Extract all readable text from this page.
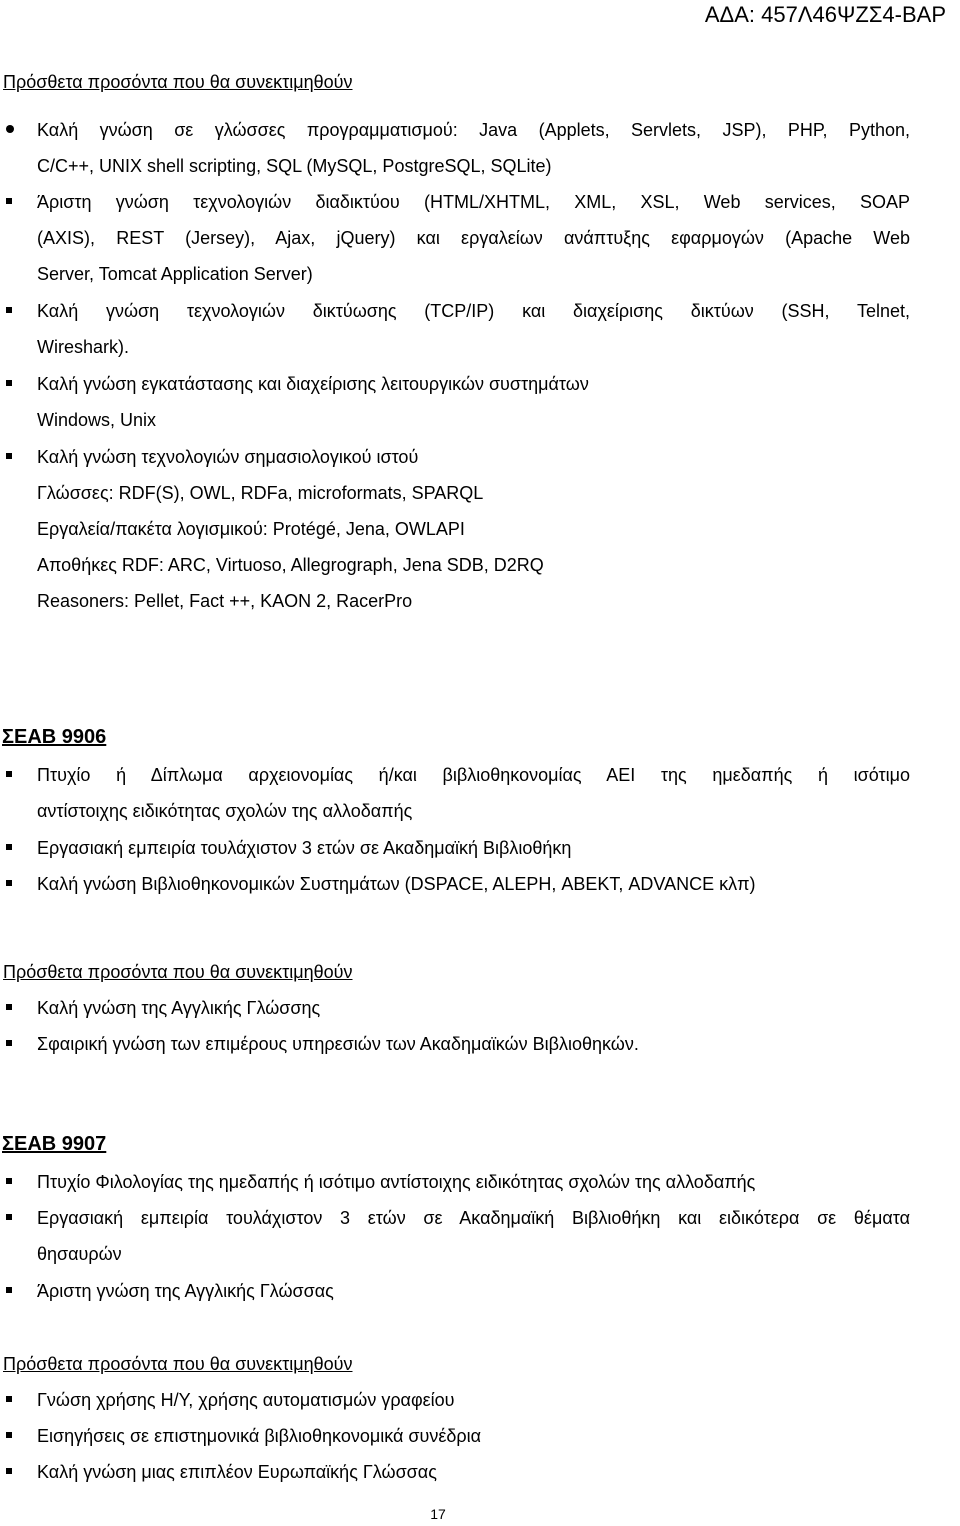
ΑΔΑ: 457Λ46ΨΖΣ4-ΒΑΡ
Πρόσθετα προσόντα που θα συνεκτιμηθούν
Καλή γνώση σε γλώσσες προγραμματισμού: Java (Applets, Servlets, JSP), PHP, Python,
C/C++, UNIX shell scripting, SQL (MySQL, PostgreSQL, SQLite)
Άριστη γνώση τεχνολογιών διαδικτύου (HTML/XHTML, XML, XSL, Web services, SOAP
(AXIS), REST (Jersey), Ajax, jQuery) και εργαλείων ανάπτυξης εφαρμογών (Apache Web
Server, Tomcat Application Server)
Καλή γνώση τεχνολογιών δικτύωσης (TCP/IP) και διαχείρισης δικτύων (SSH, Telnet,
Wireshark).
Καλή γνώση εγκατάστασης και διαχείρισης λειτουργικών συστημάτων
Windows, Unix
Καλή γνώση τεχνολογιών σημασιολογικού ιστού
Γλώσσες: RDF(S), OWL, RDFa, microformats, SPARQL
Εργαλεία/πακέτα λογισμικού: Protégé, Jena, OWLAPI
Αποθήκες RDF: ARC, Virtuoso, Allegrograph, Jena SDB, D2RQ
Reasoners: Pellet, Fact ++, KAON 2, RacerPro
ΣΕΑΒ 9906
Πτυχίο ή Δίπλωμα αρχειονομίας ή/και βιβλιοθηκονομίας ΑΕΙ της ημεδαπής ή ισότιμο
αντίστοιχης ειδικότητας σχολών της αλλοδαπής
Εργασιακή εμπειρία τουλάχιστον 3 ετών σε Ακαδημαϊκή Βιβλιοθήκη
Καλή γνώση Βιβλιοθηκονομικών Συστημάτων (DSPACE, ALEPH, ΑΒΕΚΤ, ADVANCE κλπ)
Πρόσθετα προσόντα που θα συνεκτιμηθούν
Καλή γνώση της Αγγλικής Γλώσσης
Σφαιρική γνώση των επιμέρους υπηρεσιών των Ακαδημαϊκών Βιβλιοθηκών.
ΣΕΑΒ 9907
Πτυχίο Φιλολογίας της ημεδαπής ή ισότιμο αντίστοιχης ειδικότητας σχολών της αλλοδαπής
Εργασιακή εμπειρία τουλάχιστον 3 ετών σε Ακαδημαϊκή Βιβλιοθήκη και ειδικότερα σε θέματα
θησαυρών
Άριστη γνώση της Αγγλικής Γλώσσας
Πρόσθετα προσόντα που θα συνεκτιμηθούν
Γνώση χρήσης Η/Υ, χρήσης αυτοματισμών γραφείου
Εισηγήσεις σε επιστημονικά βιβλιοθηκονομικά συνέδρια
Καλή γνώση μιας επιπλέον Ευρωπαϊκής Γλώσσας
17
